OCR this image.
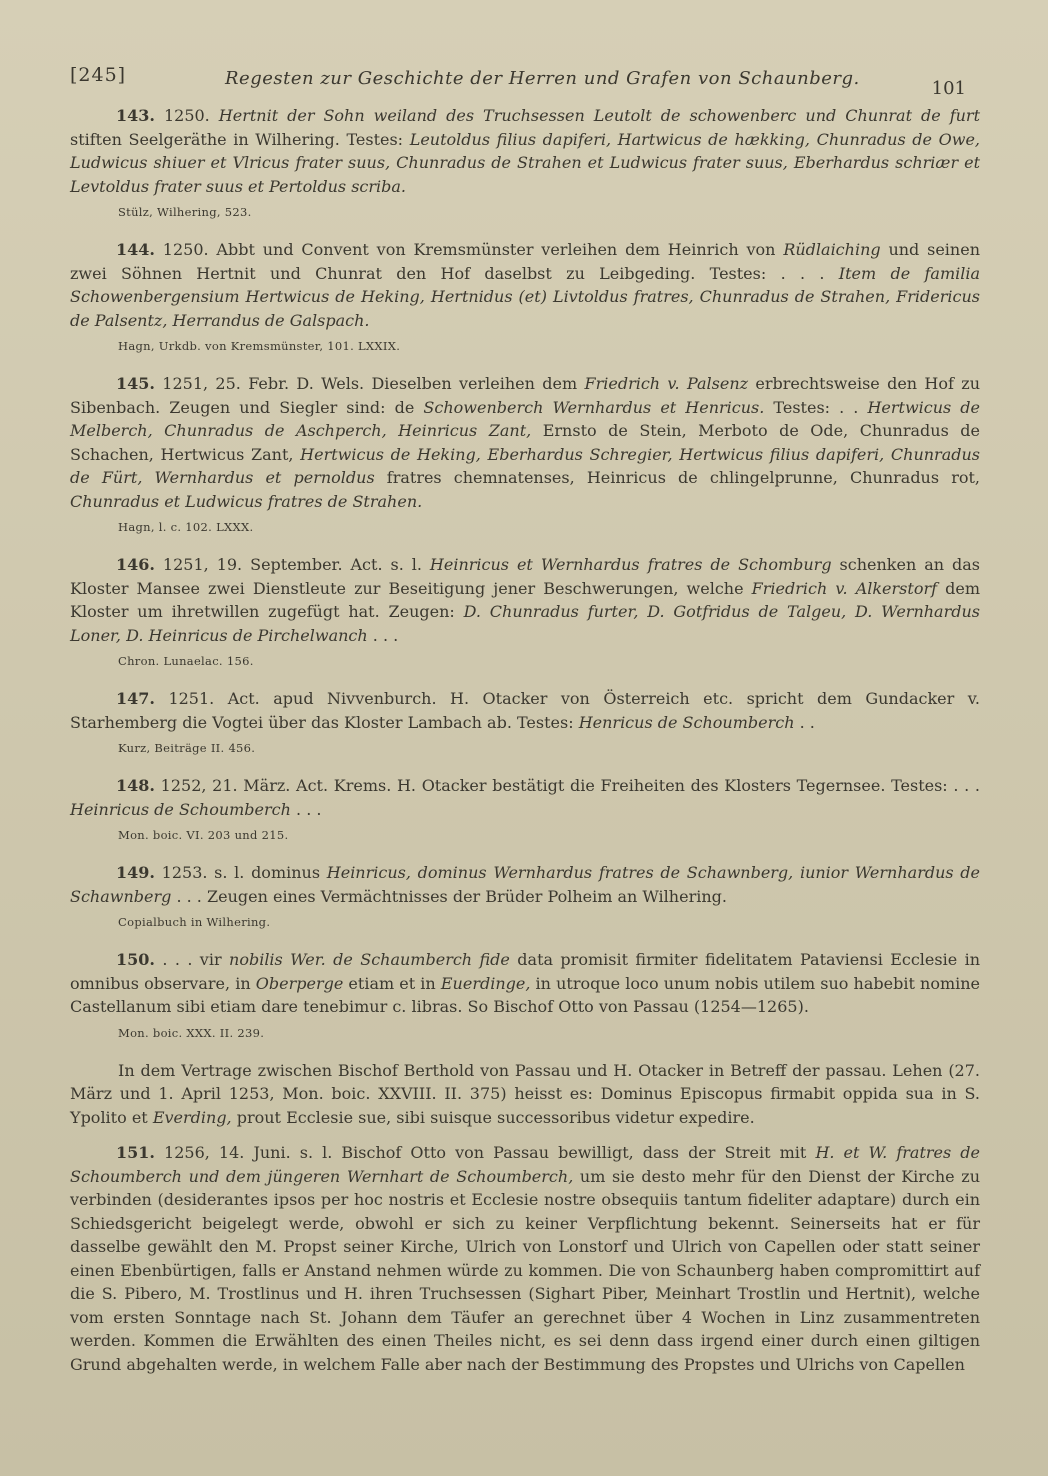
[245]	Regesten zur Geschichte der Herren und Grafen von Schaunberg.	101

143. 1250. Hertnit der Sohn weiland des Truchsessen Leutolt de schowenberc und Chunrat de furt stiften Seelgeräthe in Wilhering. Testes: Leutoldus filius dapiferi, Hartwicus de hækking, Chunradus de Owe, Ludwicus shiuer et Vlricus frater suus, Chunradus de Strahen et Ludwicus frater suus, Eberhardus schriær et Levtoldus frater suus et Pertoldus scriba.

Stülz, Wilhering, 523.

144. 1250. Abbt und Convent von Kremsmünster verleihen dem Heinrich von Rüdlaiching und seinen zwei Söhnen Hertnit und Chunrat den Hof daselbst zu Leibgeding. Testes: . . . Item de familia Schowenbergensium Hertwicus de Heking, Hertnidus (et) Livtoldus fratres, Chunradus de Strahen, Fridericus de Palsentz, Herrandus de Galspach.

Hagn, Urkdb. von Kremsmünster, 101. LXXIX.

145. 1251, 25. Febr. D. Wels. Dieselben verleihen dem Friedrich v. Palsenz erbrechtsweise den Hof zu Sibenbach. Zeugen und Siegler sind: de Schowenberch Wernhardus et Henricus. Testes: . . Hertwicus de Melberch, Chunradus de Aschperch, Heinricus Zant, Ernsto de Stein, Merboto de Ode, Chunradus de Schachen, Hertwicus Zant, Hertwicus de Heking, Eberhardus Schregier, Hertwicus filius dapiferi, Chunradus de Fürt, Wernhardus et pernoldus fratres chemnatenses, Heinricus de chlingelprunne, Chunradus rot, Chunradus et Ludwicus fratres de Strahen.

Hagn, l. c. 102. LXXX.

146. 1251, 19. September. Act. s. l. Heinricus et Wernhardus fratres de Schomburg schenken an das Kloster Mansee zwei Dienstleute zur Beseitigung jener Beschwerungen, welche Friedrich v. Alkerstorf dem Kloster um ihretwillen zugefügt hat. Zeugen: D. Chunradus furter, D. Gotfridus de Talgeu, D. Wernhardus Loner, D. Heinricus de Pirchelwanch . . .

Chron. Lunaelac. 156.

147. 1251. Act. apud Nivvenburch. H. Otacker von Österreich etc. spricht dem Gundacker v. Starhemberg die Vogtei über das Kloster Lambach ab. Testes: Henricus de Schoumberch . .

Kurz, Beiträge II. 456.

148. 1252, 21. März. Act. Krems. H. Otacker bestätigt die Freiheiten des Klosters Tegernsee. Testes: . . . Heinricus de Schoumberch . . .

Mon. boic. VI. 203 und 215.

149. 1253. s. l. dominus Heinricus, dominus Wernhardus fratres de Schawnberg, iunior Wernhardus de Schawnberg . . . Zeugen eines Vermächtnisses der Brüder Polheim an Wilhering.

Copialbuch in Wilhering.

150. . . . vir nobilis Wer. de Schaumberch fide data promisit firmiter fidelitatem Pataviensi Ecclesie in omnibus observare, in Oberperge etiam et in Euerdinge, in utroque loco unum nobis utilem suo habebit nomine Castellanum sibi etiam dare tenebimur c. libras. So Bischof Otto von Passau (1254—1265).

Mon. boic. XXX. II. 239.

In dem Vertrage zwischen Bischof Berthold von Passau und H. Otacker in Betreff der passau. Lehen (27. März und 1. April 1253, Mon. boic. XXVIII. II. 375) heisst es: Dominus Episcopus firmabit oppida sua in S. Ypolito et Everding, prout Ecclesie sue, sibi suisque successoribus videtur expedire.

151. 1256, 14. Juni. s. l. Bischof Otto von Passau bewilligt, dass der Streit mit H. et W. fratres de Schoumberch und dem jüngeren Wernhart de Schoumberch, um sie desto mehr für den Dienst der Kirche zu verbinden (desiderantes ipsos per hoc nostris et Ecclesie nostre obsequiis tantum fideliter adaptare) durch ein Schiedsgericht beigelegt werde, obwohl er sich zu keiner Verpflichtung bekennt. Seinerseits hat er für dasselbe gewählt den M. Propst seiner Kirche, Ulrich von Lonstorf und Ulrich von Capellen oder statt seiner einen Ebenbürtigen, falls er Anstand nehmen würde zu kommen. Die von Schaunberg haben compromittirt auf die S. Pibero, M. Trostlinus und H. ihren Truchsessen (Sighart Piber, Meinhart Trostlin und Hertnit), welche vom ersten Sonntage nach St. Johann dem Täufer an gerechnet über 4 Wochen in Linz zusammentreten werden. Kommen die Erwählten des einen Theiles nicht, es sei denn dass irgend einer durch einen giltigen Grund abgehalten werde, in welchem Falle aber nach der Bestimmung des Propstes und Ulrichs von Capellen
